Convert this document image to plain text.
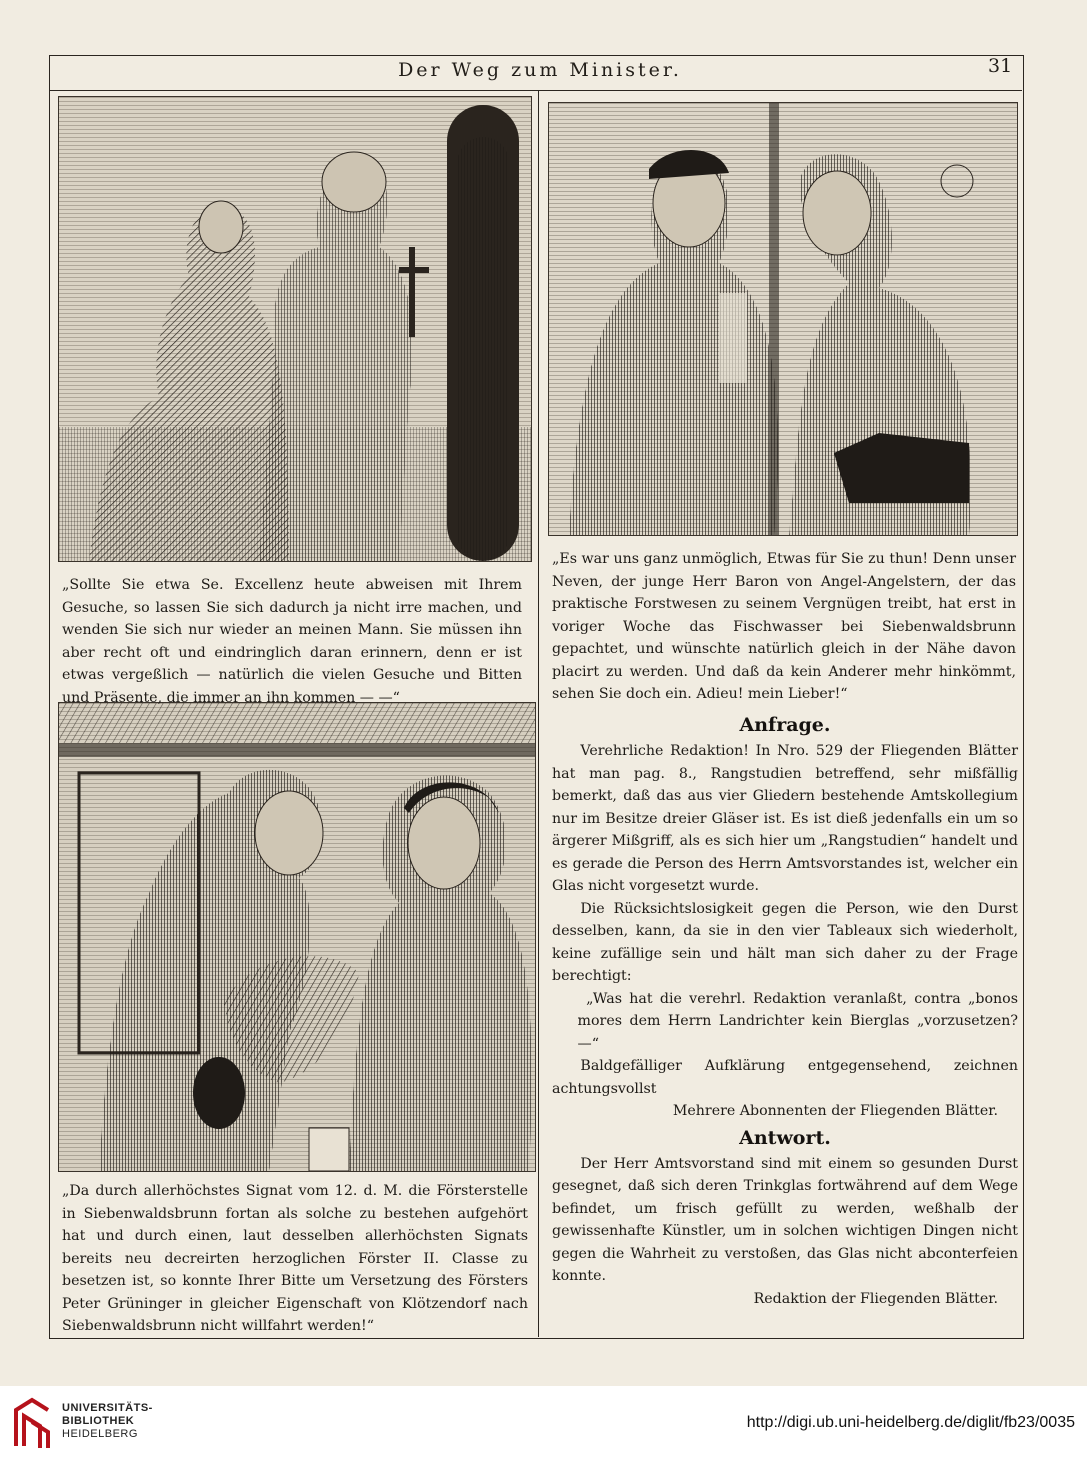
Der Weg zum Minister.	31
„Sollte Sie etwa Se. Excellenz heute abweisen mit Ihrem Gesuche, so lassen Sie sich dadurch ja nicht irre machen, und wenden Sie sich nur wieder an meinen Mann. Sie müssen ihn aber recht oft und eindringlich daran erinnern, denn er ist etwas vergeßlich — natürlich die vielen Gesuche und Bitten und Präsente, die immer an ihn kommen — —“
„Es war uns ganz unmöglich, Etwas für Sie zu thun! Denn unser Neven, der junge Herr Baron von Angel-Angelstern, der das praktische Forstwesen zu seinem Vergnügen treibt, hat erst in voriger Woche das Fischwasser bei Siebenwaldsbrunn gepachtet, und wünschte natürlich gleich in der Nähe davon placirt zu werden. Und daß da kein Anderer mehr hinkömmt, sehen Sie doch ein. Adieu! mein Lieber!“
„Da durch allerhöchstes Signat vom 12. d. M. die Försterstelle in Siebenwaldsbrunn fortan als solche zu bestehen aufgehört hat und durch einen, laut desselben allerhöchsten Signats bereits neu decreirten herzoglichen Förster II. Classe zu besetzen ist, so konnte Ihrer Bitte um Versetzung des Försters Peter Grüninger in gleicher Eigenschaft von Klötzendorf nach Siebenwaldsbrunn nicht willfahrt werden!“
Anfrage.

Verehrliche Redaktion! In Nro. 529 der Fliegenden Blätter hat man pag. 8., Rangstudien betreffend, sehr mißfällig bemerkt, daß das aus vier Gliedern bestehende Amtskollegium nur im Besitze dreier Gläser ist. Es ist dieß jedenfalls ein um so ärgerer Mißgriff, als es sich hier um „Rangstudien“ handelt und es gerade die Person des Herrn Amtsvorstandes ist, welcher ein Glas nicht vorgesetzt wurde.

Die Rücksichtslosigkeit gegen die Person, wie den Durst desselben, kann, da sie in den vier Tableaux sich wiederholt, keine zufällige sein und hält man sich daher zu der Frage berechtigt:

„Was hat die verehrl. Redaktion veranlaßt, contra „bonos mores dem Herrn Landrichter kein Bierglas „vorzusetzen? —“

Baldgefälliger Aufklärung entgegensehend, zeichnen achtungsvollst

Mehrere Abonnenten der Fliegenden Blätter.

Antwort.

Der Herr Amtsvorstand sind mit einem so gesunden Durst gesegnet, daß sich deren Trinkglas fortwährend auf dem Wege befindet, um frisch gefüllt zu werden, weßhalb der gewissenhafte Künstler, um in solchen wichtigen Dingen nicht gegen die Wahrheit zu verstoßen, das Glas nicht abconterfeien konnte.

Redaktion der Fliegenden Blätter.

UNIVERSITÄTS-
BIBLIOTHEK
HEIDELBERG
http://digi.ub.uni-heidelberg.de/diglit/fb23/0035
